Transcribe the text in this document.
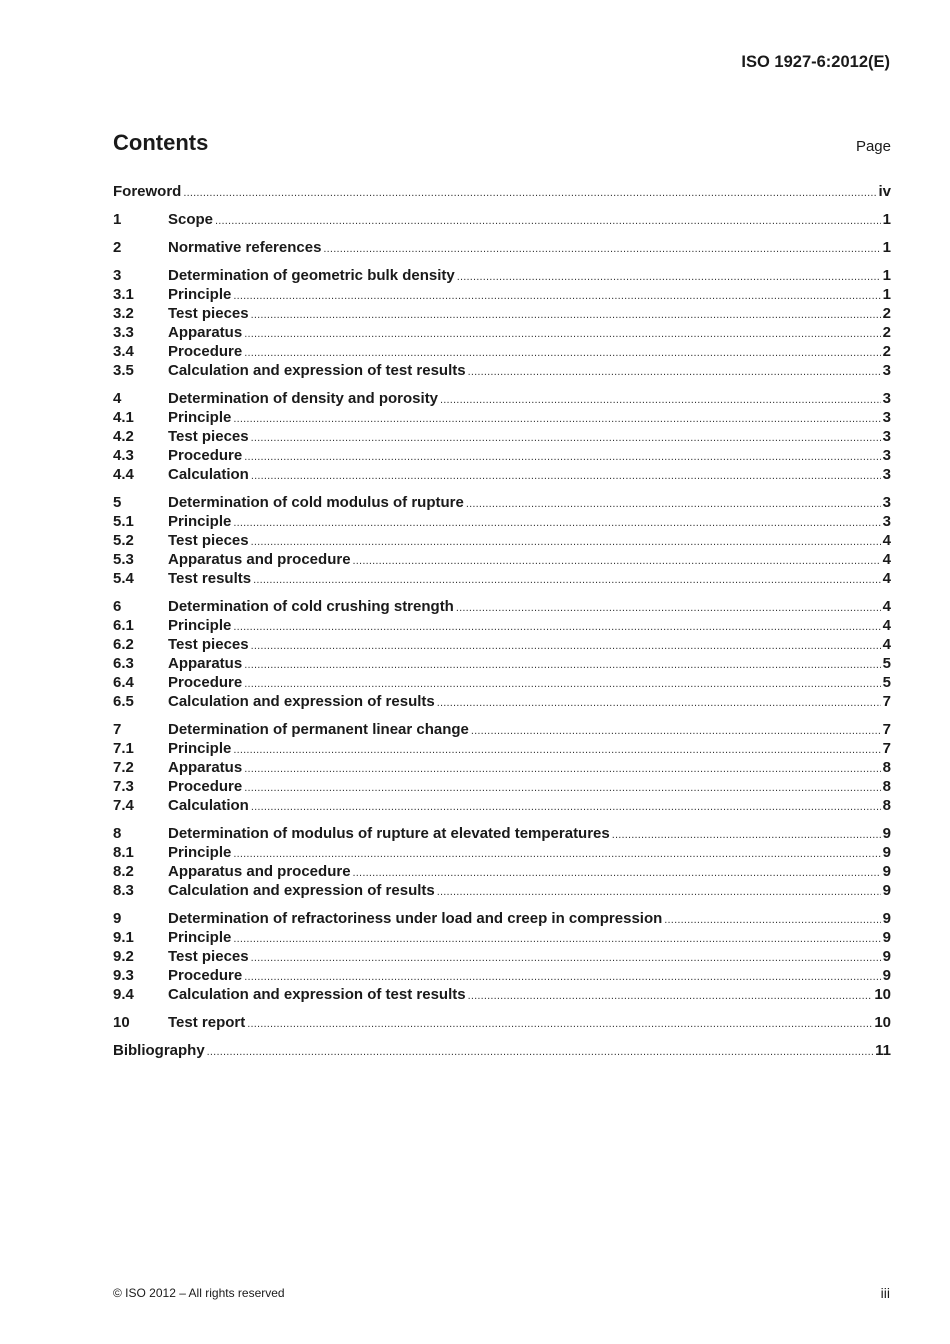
ISO 1927-6:2012(E)
Contents	Page
Foreword .....	iv
1	Scope .....	1
2	Normative references .....	1
3	Determination of geometric bulk density .....	1
3.1	Principle .....	1
3.2	Test pieces .....	2
3.3	Apparatus .....	2
3.4	Procedure .....	2
3.5	Calculation and expression of test results .....	3
4	Determination of density and porosity .....	3
4.1	Principle .....	3
4.2	Test pieces .....	3
4.3	Procedure .....	3
4.4	Calculation .....	3
5	Determination of cold modulus of rupture .....	3
5.1	Principle .....	3
5.2	Test pieces .....	4
5.3	Apparatus and procedure .....	4
5.4	Test results .....	4
6	Determination of cold crushing strength .....	4
6.1	Principle .....	4
6.2	Test pieces .....	4
6.3	Apparatus .....	5
6.4	Procedure .....	5
6.5	Calculation and expression of results .....	7
7	Determination of permanent linear change .....	7
7.1	Principle .....	7
7.2	Apparatus .....	8
7.3	Procedure .....	8
7.4	Calculation .....	8
8	Determination of modulus of rupture at elevated temperatures .....	9
8.1	Principle .....	9
8.2	Apparatus and procedure .....	9
8.3	Calculation and expression of results .....	9
9	Determination of refractoriness under load and creep in compression .....	9
9.1	Principle .....	9
9.2	Test pieces .....	9
9.3	Procedure .....	9
9.4	Calculation and expression of test results .....	10
10	Test report .....	10
Bibliography .....	11
© ISO 2012 – All rights reserved	iii
